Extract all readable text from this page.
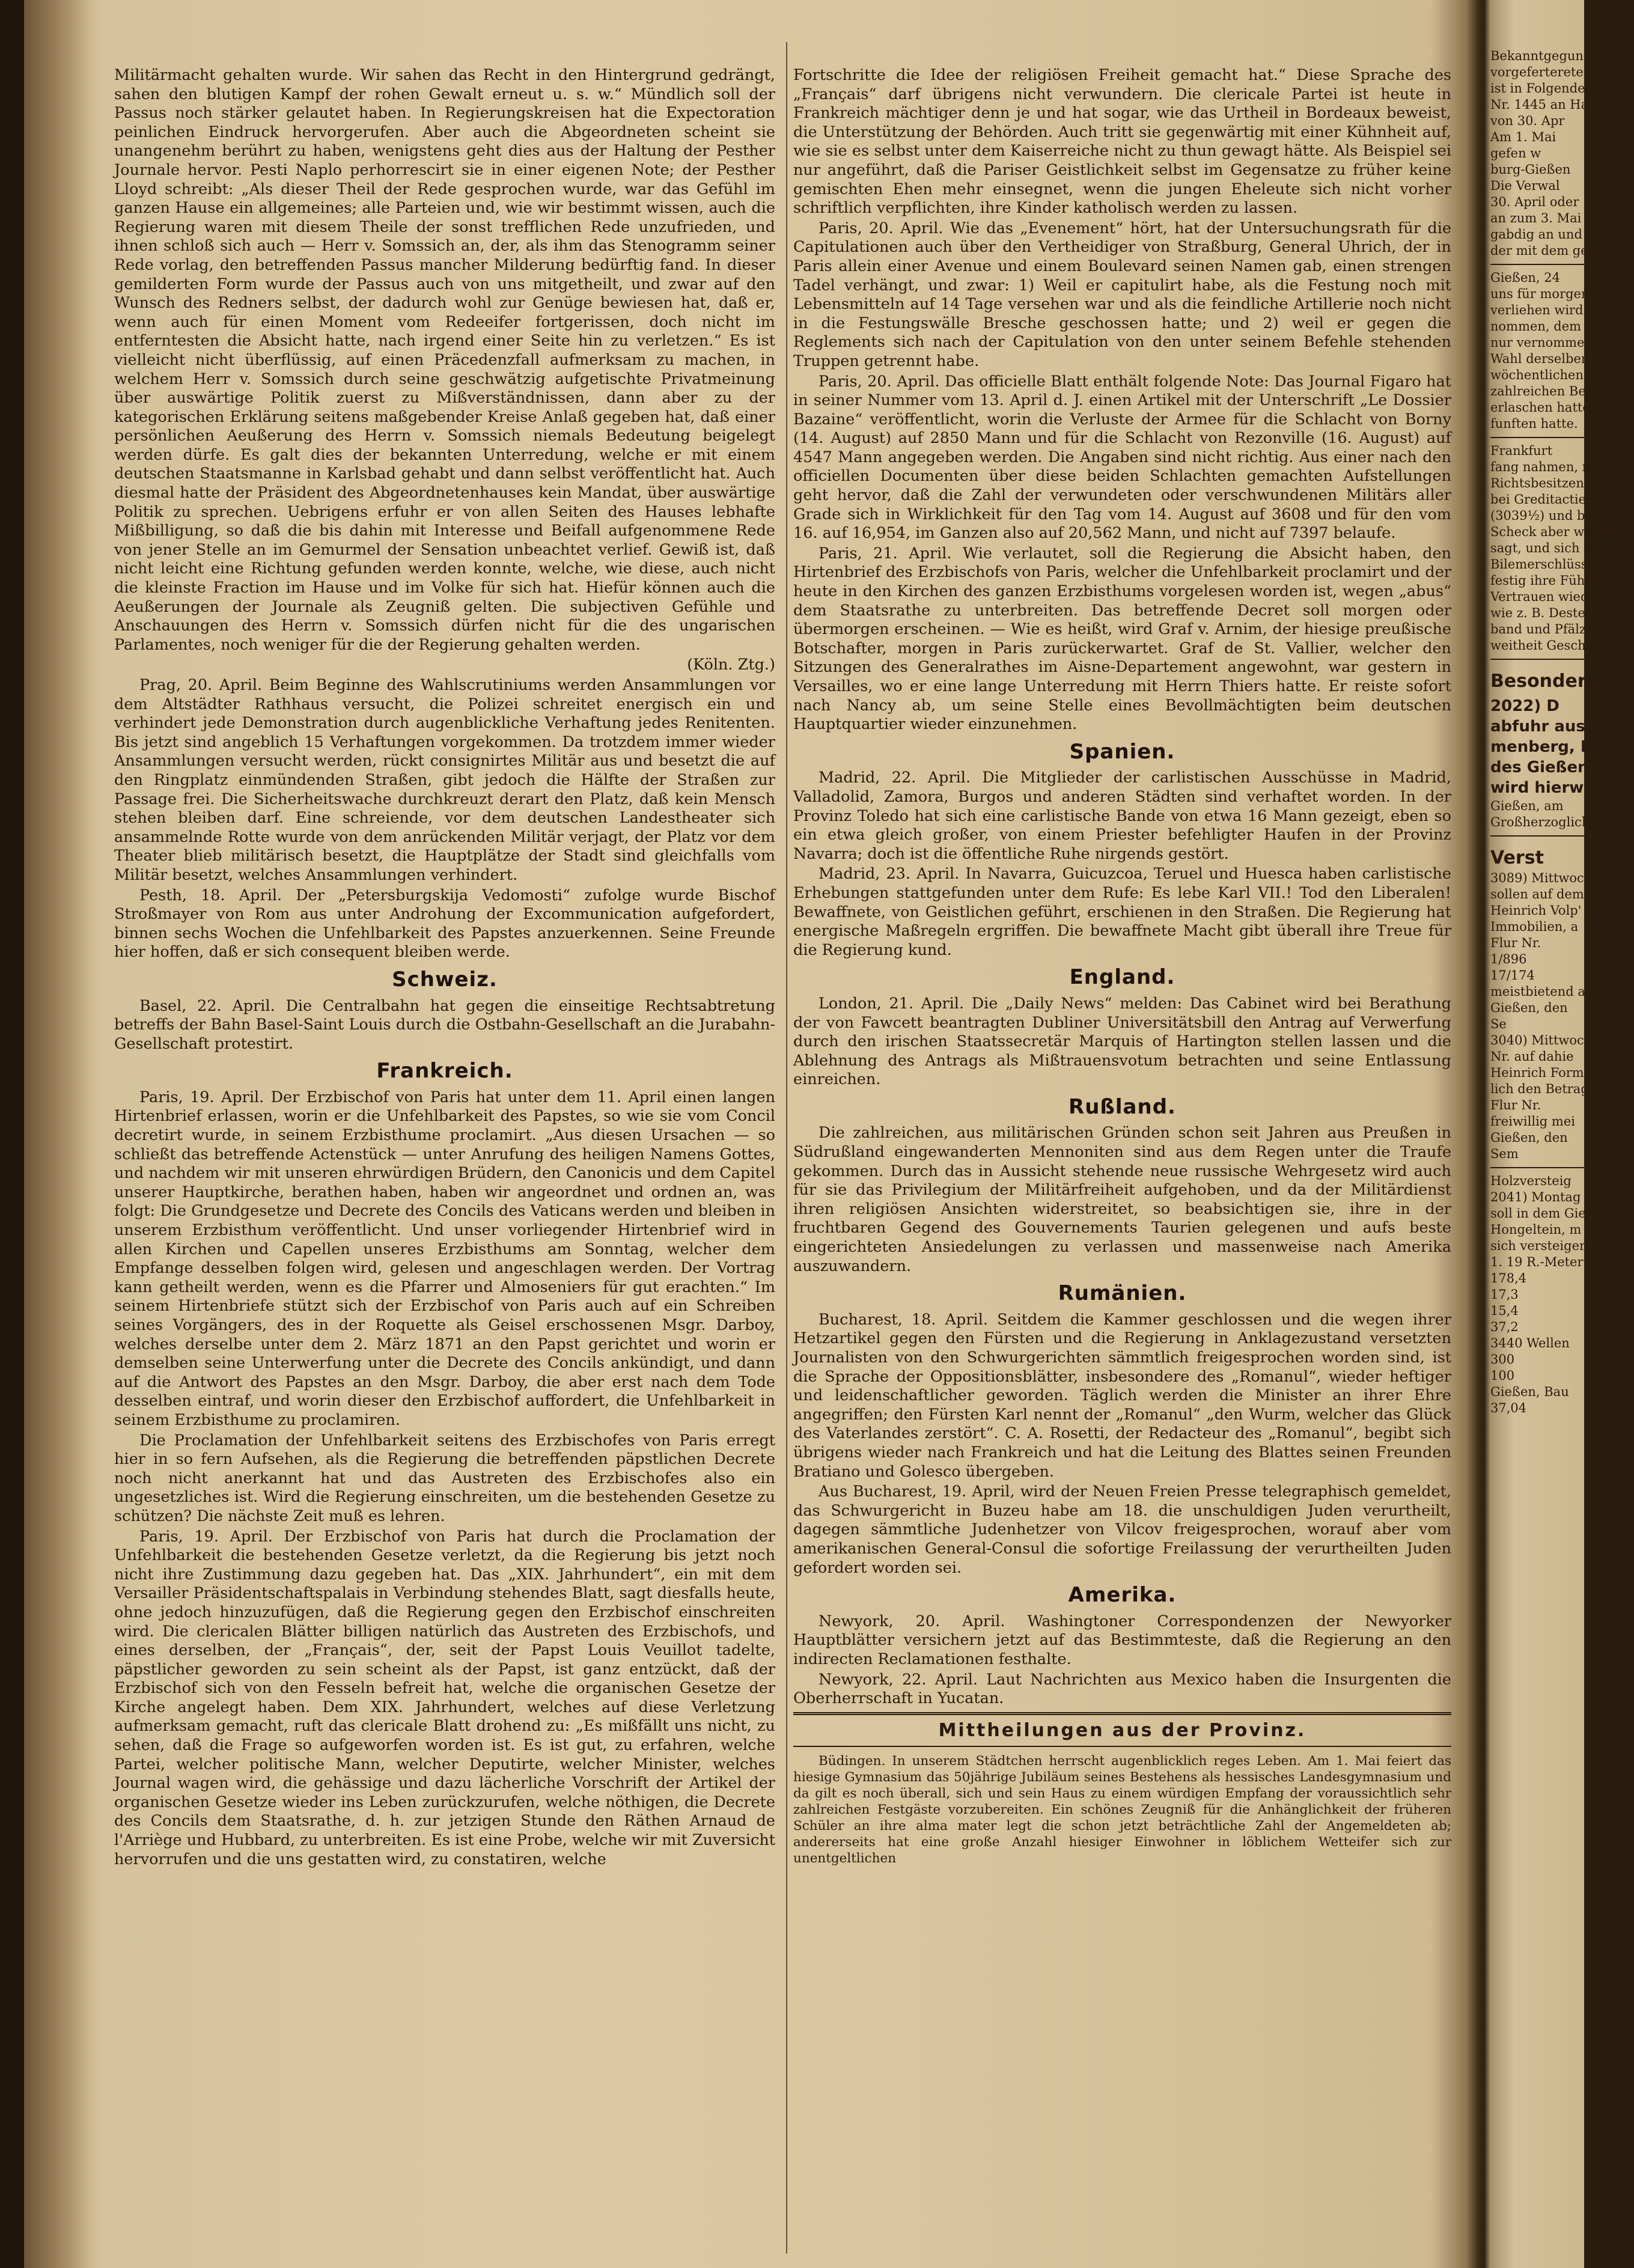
Militärmacht gehalten wurde. Wir sahen das Recht in den Hintergrund gedrängt, sahen den blutigen Kampf der rohen Gewalt erneut u. s. w.“ Mündlich soll der Passus noch stärker gelautet haben. In Regierungskreisen hat die Expectoration peinlichen Eindruck hervorgerufen. Aber auch die Abgeordneten scheint sie unangenehm berührt zu haben, wenigstens geht dies aus der Haltung der Pesther Journale hervor. Pesti Naplo perhorrescirt sie in einer eigenen Note; der Pesther Lloyd schreibt: „Als dieser Theil der Rede gesprochen wurde, war das Gefühl im ganzen Hause ein allgemeines; alle Parteien und, wie wir bestimmt wissen, auch die Regierung waren mit diesem Theile der sonst trefflichen Rede unzufrieden, und ihnen schloß sich auch — Herr v. Somssich an, der, als ihm das Stenogramm seiner Rede vorlag, den betreffenden Passus mancher Milderung bedürftig fand. In dieser gemilderten Form wurde der Passus auch von uns mitgetheilt, und zwar auf den Wunsch des Redners selbst, der dadurch wohl zur Genüge bewiesen hat, daß er, wenn auch für einen Moment vom Redeeifer fortgerissen, doch nicht im entferntesten die Absicht hatte, nach irgend einer Seite hin zu verletzen.“ Es ist vielleicht nicht überflüssig, auf einen Präcedenzfall aufmerksam zu machen, in welchem Herr v. Somssich durch seine geschwätzig aufgetischte Privatmeinung über auswärtige Politik zuerst zu Mißverständnissen, dann aber zu der kategorischen Erklärung seitens maßgebender Kreise Anlaß gegeben hat, daß einer persönlichen Aeußerung des Herrn v. Somssich niemals Bedeutung beigelegt werden dürfe. Es galt dies der bekannten Unterredung, welche er mit einem deutschen Staatsmanne in Karlsbad gehabt und dann selbst veröffentlicht hat. Auch diesmal hatte der Präsident des Abgeordnetenhauses kein Mandat, über auswärtige Politik zu sprechen. Uebrigens erfuhr er von allen Seiten des Hauses lebhafte Mißbilligung, so daß die bis dahin mit Interesse und Beifall aufgenommene Rede von jener Stelle an im Gemurmel der Sensation unbeachtet verlief. Gewiß ist, daß nicht leicht eine Richtung gefunden werden konnte, welche, wie diese, auch nicht die kleinste Fraction im Hause und im Volke für sich hat. Hiefür können auch die Aeußerungen der Journale als Zeugniß gelten. Die subjectiven Gefühle und Anschauungen des Herrn v. Somssich dürfen nicht für die des ungarischen Parlamentes, noch weniger für die der Regierung gehalten werden.

(Köln. Ztg.)

Prag, 20. April. Beim Beginne des Wahlscrutiniums werden Ansammlungen vor dem Altstädter Rathhaus versucht, die Polizei schreitet energisch ein und verhindert jede Demonstration durch augenblickliche Verhaftung jedes Renitenten. Bis jetzt sind angeblich 15 Verhaftungen vorgekommen. Da trotzdem immer wieder Ansammlungen versucht werden, rückt consignirtes Militär aus und besetzt die auf den Ringplatz einmündenden Straßen, gibt jedoch die Hälfte der Straßen zur Passage frei. Die Sicherheitswache durchkreuzt derart den Platz, daß kein Mensch stehen bleiben darf. Eine schreiende, vor dem deutschen Landestheater sich ansammelnde Rotte wurde von dem anrückenden Militär verjagt, der Platz vor dem Theater blieb militärisch besetzt, die Hauptplätze der Stadt sind gleichfalls vom Militär besetzt, welches Ansammlungen verhindert.

Pesth, 18. April. Der „Petersburgskija Vedomosti“ zufolge wurde Bischof Stroßmayer von Rom aus unter Androhung der Excommunication aufgefordert, binnen sechs Wochen die Unfehlbarkeit des Papstes anzuerkennen. Seine Freunde hier hoffen, daß er sich consequent bleiben werde.

Schweiz.

Basel, 22. April. Die Centralbahn hat gegen die einseitige Rechtsabtretung betreffs der Bahn Basel-Saint Louis durch die Ostbahn-Gesellschaft an die Jurabahn-Gesellschaft protestirt.

Frankreich.

Paris, 19. April. Der Erzbischof von Paris hat unter dem 11. April einen langen Hirtenbrief erlassen, worin er die Unfehlbarkeit des Papstes, so wie sie vom Concil decretirt wurde, in seinem Erzbisthume proclamirt. „Aus diesen Ursachen — so schließt das betreffende Actenstück — unter Anrufung des heiligen Namens Gottes, und nachdem wir mit unseren ehrwürdigen Brüdern, den Canonicis und dem Capitel unserer Hauptkirche, berathen haben, haben wir angeordnet und ordnen an, was folgt: Die Grundgesetze und Decrete des Concils des Vaticans werden und bleiben in unserem Erzbisthum veröffentlicht. Und unser vorliegender Hirtenbrief wird in allen Kirchen und Capellen unseres Erzbisthums am Sonntag, welcher dem Empfange desselben folgen wird, gelesen und angeschlagen werden. Der Vortrag kann getheilt werden, wenn es die Pfarrer und Almoseniers für gut erachten.“ Im seinem Hirtenbriefe stützt sich der Erzbischof von Paris auch auf ein Schreiben seines Vorgängers, des in der Roquette als Geisel erschossenen Msgr. Darboy, welches derselbe unter dem 2. März 1871 an den Papst gerichtet und worin er demselben seine Unterwerfung unter die Decrete des Concils ankündigt, und dann auf die Antwort des Papstes an den Msgr. Darboy, die aber erst nach dem Tode desselben eintraf, und worin dieser den Erzbischof auffordert, die Unfehlbarkeit in seinem Erzbisthume zu proclamiren.

Die Proclamation der Unfehlbarkeit seitens des Erzbischofes von Paris erregt hier in so fern Aufsehen, als die Regierung die betreffenden päpstlichen Decrete noch nicht anerkannt hat und das Austreten des Erzbischofes also ein ungesetzliches ist. Wird die Regierung einschreiten, um die bestehenden Gesetze zu schützen? Die nächste Zeit muß es lehren.

Paris, 19. April. Der Erzbischof von Paris hat durch die Proclamation der Unfehlbarkeit die bestehenden Gesetze verletzt, da die Regierung bis jetzt noch nicht ihre Zustimmung dazu gegeben hat. Das „XIX. Jahrhundert“, ein mit dem Versailler Präsidentschaftspalais in Verbindung stehendes Blatt, sagt diesfalls heute, ohne jedoch hinzuzufügen, daß die Regierung gegen den Erzbischof einschreiten wird. Die clericalen Blätter billigen natürlich das Austreten des Erzbischofs, und eines derselben, der „Français“, der, seit der Papst Louis Veuillot tadelte, päpstlicher geworden zu sein scheint als der Papst, ist ganz entzückt, daß der Erzbischof sich von den Fesseln befreit hat, welche die organischen Gesetze der Kirche angelegt haben. Dem XIX. Jahrhundert, welches auf diese Verletzung aufmerksam gemacht, ruft das clericale Blatt drohend zu: „Es mißfällt uns nicht, zu sehen, daß die Frage so aufgeworfen worden ist. Es ist gut, zu erfahren, welche Partei, welcher politische Mann, welcher Deputirte, welcher Minister, welches Journal wagen wird, die gehässige und dazu lächerliche Vorschrift der Artikel der organischen Gesetze wieder ins Leben zurückzurufen, welche nöthigen, die Decrete des Concils dem Staatsrathe, d. h. zur jetzigen Stunde den Räthen Arnaud de l'Arriège und Hubbard, zu unterbreiten. Es ist eine Probe, welche wir mit Zuversicht hervorrufen und die uns gestatten wird, zu constatiren, welche

Fortschritte die Idee der religiösen Freiheit gemacht hat.“ Diese Sprache des „Français“ darf übrigens nicht verwundern. Die clericale Partei ist heute in Frankreich mächtiger denn je und hat sogar, wie das Urtheil in Bordeaux beweist, die Unterstützung der Behörden. Auch tritt sie gegenwärtig mit einer Kühnheit auf, wie sie es selbst unter dem Kaiserreiche nicht zu thun gewagt hätte. Als Beispiel sei nur angeführt, daß die Pariser Geistlichkeit selbst im Gegensatze zu früher keine gemischten Ehen mehr einsegnet, wenn die jungen Eheleute sich nicht vorher schriftlich verpflichten, ihre Kinder katholisch werden zu lassen.

Paris, 20. April. Wie das „Evenement“ hört, hat der Untersuchungsrath für die Capitulationen auch über den Vertheidiger von Straßburg, General Uhrich, der in Paris allein einer Avenue und einem Boulevard seinen Namen gab, einen strengen Tadel verhängt, und zwar: 1) Weil er capitulirt habe, als die Festung noch mit Lebensmitteln auf 14 Tage versehen war und als die feindliche Artillerie noch nicht in die Festungswälle Bresche geschossen hatte; und 2) weil er gegen die Reglements sich nach der Capitulation von den unter seinem Befehle stehenden Truppen getrennt habe.

Paris, 20. April. Das officielle Blatt enthält folgende Note: Das Journal Figaro hat in seiner Nummer vom 13. April d. J. einen Artikel mit der Unterschrift „Le Dossier Bazaine“ veröffentlicht, worin die Verluste der Armee für die Schlacht von Borny (14. August) auf 2850 Mann und für die Schlacht von Rezonville (16. August) auf 4547 Mann angegeben werden. Die Angaben sind nicht richtig. Aus einer nach den officiellen Documenten über diese beiden Schlachten gemachten Aufstellungen geht hervor, daß die Zahl der verwundeten oder verschwundenen Militärs aller Grade sich in Wirklichkeit für den Tag vom 14. August auf 3608 und für den vom 16. auf 16,954, im Ganzen also auf 20,562 Mann, und nicht auf 7397 belaufe.

Paris, 21. April. Wie verlautet, soll die Regierung die Absicht haben, den Hirtenbrief des Erzbischofs von Paris, welcher die Unfehlbarkeit proclamirt und der heute in den Kirchen des ganzen Erzbisthums vorgelesen worden ist, wegen „abus“ dem Staatsrathe zu unterbreiten. Das betreffende Decret soll morgen oder übermorgen erscheinen. — Wie es heißt, wird Graf v. Arnim, der hiesige preußische Botschafter, morgen in Paris zurückerwartet. Graf de St. Vallier, welcher den Sitzungen des Generalrathes im Aisne-Departement angewohnt, war gestern in Versailles, wo er eine lange Unterredung mit Herrn Thiers hatte. Er reiste sofort nach Nancy ab, um seine Stelle eines Bevollmächtigten beim deutschen Hauptquartier wieder einzunehmen.

Spanien.

Madrid, 22. April. Die Mitglieder der carlistischen Ausschüsse in Madrid, Valladolid, Zamora, Burgos und anderen Städten sind verhaftet worden. In der Provinz Toledo hat sich eine carlistische Bande von etwa 16 Mann gezeigt, eben so ein etwa gleich großer, von einem Priester befehligter Haufen in der Provinz Navarra; doch ist die öffentliche Ruhe nirgends gestört.

Madrid, 23. April. In Navarra, Guicuzcoa, Teruel und Huesca haben carlistische Erhebungen stattgefunden unter dem Rufe: Es lebe Karl VII.! Tod den Liberalen! Bewaffnete, von Geistlichen geführt, erschienen in den Straßen. Die Regierung hat energische Maßregeln ergriffen. Die bewaffnete Macht gibt überall ihre Treue für die Regierung kund.

England.

London, 21. April. Die „Daily News“ melden: Das Cabinet wird bei Berathung der von Fawcett beantragten Dubliner Universitätsbill den Antrag auf Verwerfung durch den irischen Staatssecretär Marquis of Hartington stellen lassen und die Ablehnung des Antrags als Mißtrauensvotum betrachten und seine Entlassung einreichen.

Rußland.

Die zahlreichen, aus militärischen Gründen schon seit Jahren aus Preußen in Südrußland eingewanderten Mennoniten sind aus dem Regen unter die Traufe gekommen. Durch das in Aussicht stehende neue russische Wehrgesetz wird auch für sie das Privilegium der Militärfreiheit aufgehoben, und da der Militärdienst ihren religiösen Ansichten widerstreitet, so beabsichtigen sie, ihre in der fruchtbaren Gegend des Gouvernements Taurien gelegenen und aufs beste eingerichteten Ansiedelungen zu verlassen und massenweise nach Amerika auszuwandern.

Rumänien.

Bucharest, 18. April. Seitdem die Kammer geschlossen und die wegen ihrer Hetzartikel gegen den Fürsten und die Regierung in Anklagezustand versetzten Journalisten von den Schwurgerichten sämmtlich freigesprochen worden sind, ist die Sprache der Oppositionsblätter, insbesondere des „Romanul“, wieder heftiger und leidenschaftlicher geworden. Täglich werden die Minister an ihrer Ehre angegriffen; den Fürsten Karl nennt der „Romanul“ „den Wurm, welcher das Glück des Vaterlandes zerstört“. C. A. Rosetti, der Redacteur des „Romanul“, begibt sich übrigens wieder nach Frankreich und hat die Leitung des Blattes seinen Freunden Bratiano und Golesco übergeben.

Aus Bucharest, 19. April, wird der Neuen Freien Presse telegraphisch gemeldet, das Schwurgericht in Buzeu habe am 18. die unschuldigen Juden verurtheilt, dagegen sämmtliche Judenhetzer von Vilcov freigesprochen, worauf aber vom amerikanischen General-Consul die sofortige Freilassung der verurtheilten Juden gefordert worden sei.

Amerika.

Newyork, 20. April. Washingtoner Correspondenzen der Newyorker Hauptblätter versichern jetzt auf das Bestimmteste, daß die Regierung an den indirecten Reclamationen festhalte.

Newyork, 22. April. Laut Nachrichten aus Mexico haben die Insurgenten die Oberherrschaft in Yucatan.

Mittheilungen aus der Provinz.

Büdingen. In unserem Städtchen herrscht augenblicklich reges Leben. Am 1. Mai feiert das hiesige Gymnasium das 50jährige Jubiläum seines Bestehens als hessisches Landesgymnasium und da gilt es noch überall, sich und sein Haus zu einem würdigen Empfang der voraussichtlich sehr zahlreichen Festgäste vorzubereiten. Ein schönes Zeugniß für die Anhänglichkeit der früheren Schüler an ihre alma mater legt die schon jetzt beträchtliche Zahl der Angemeldeten ab; andererseits hat eine große Anzahl hiesiger Einwohner in löblichem Wetteifer sich zur unentgeltlichen

Bekanntgegung der S
vorgefertereten Gebot
ist in Folgendem g
Nr. 1445 an Ha
von 30. Apr
Am 1. Mai
gefen w
burg-Gießen
Die Verwal
30. April oder 1.
an zum 3. Mai
gabdig an und
der mit dem gegen
Gießen, 24
uns für morgen un
verliehen wird zu
nommen, dem Pu
nur vernommen ha
Wahl derselben n
wöchentlichen Som
zahlreichen Besuch
erlaschen hatte, wa
funften hatte.
Frankfurt
fang nahmen, nach
Richtsbesitzender
bei Greditactien
(3039½) und bei
Scheck aber wurde
sagt, und sich bei
Bilemerschlüssen,
festig ihre Fühlbar
Vertrauen wieder
wie z. B. Desterre
band und Pfälzer
weitheit Geschäft.
Besondere
2022) D
abfuhr aus
menberg, K
des Gießen
wird hierw
Gießen, am
Großherzoglich
Verst
3089) Mittwoch
sollen auf dem
Heinrich Volp'
Immobilien, a
Flur Nr.
1/896
17/174
meistbietend an
Gießen, den
Se
3040) Mittwoch
Nr. auf dahie
Heinrich Formb
lich den Betrag
Flur Nr.
freiwillig mei
Gießen, den
Sem
Holzversteig
2041) Montag
soll in dem Gie
Hongeltein, m
sich versteigert
1. 19 R.-Meter
178,4
17,3
15,4
37,2
3440 Wellen
300
100
Gießen, Bau
37,04
